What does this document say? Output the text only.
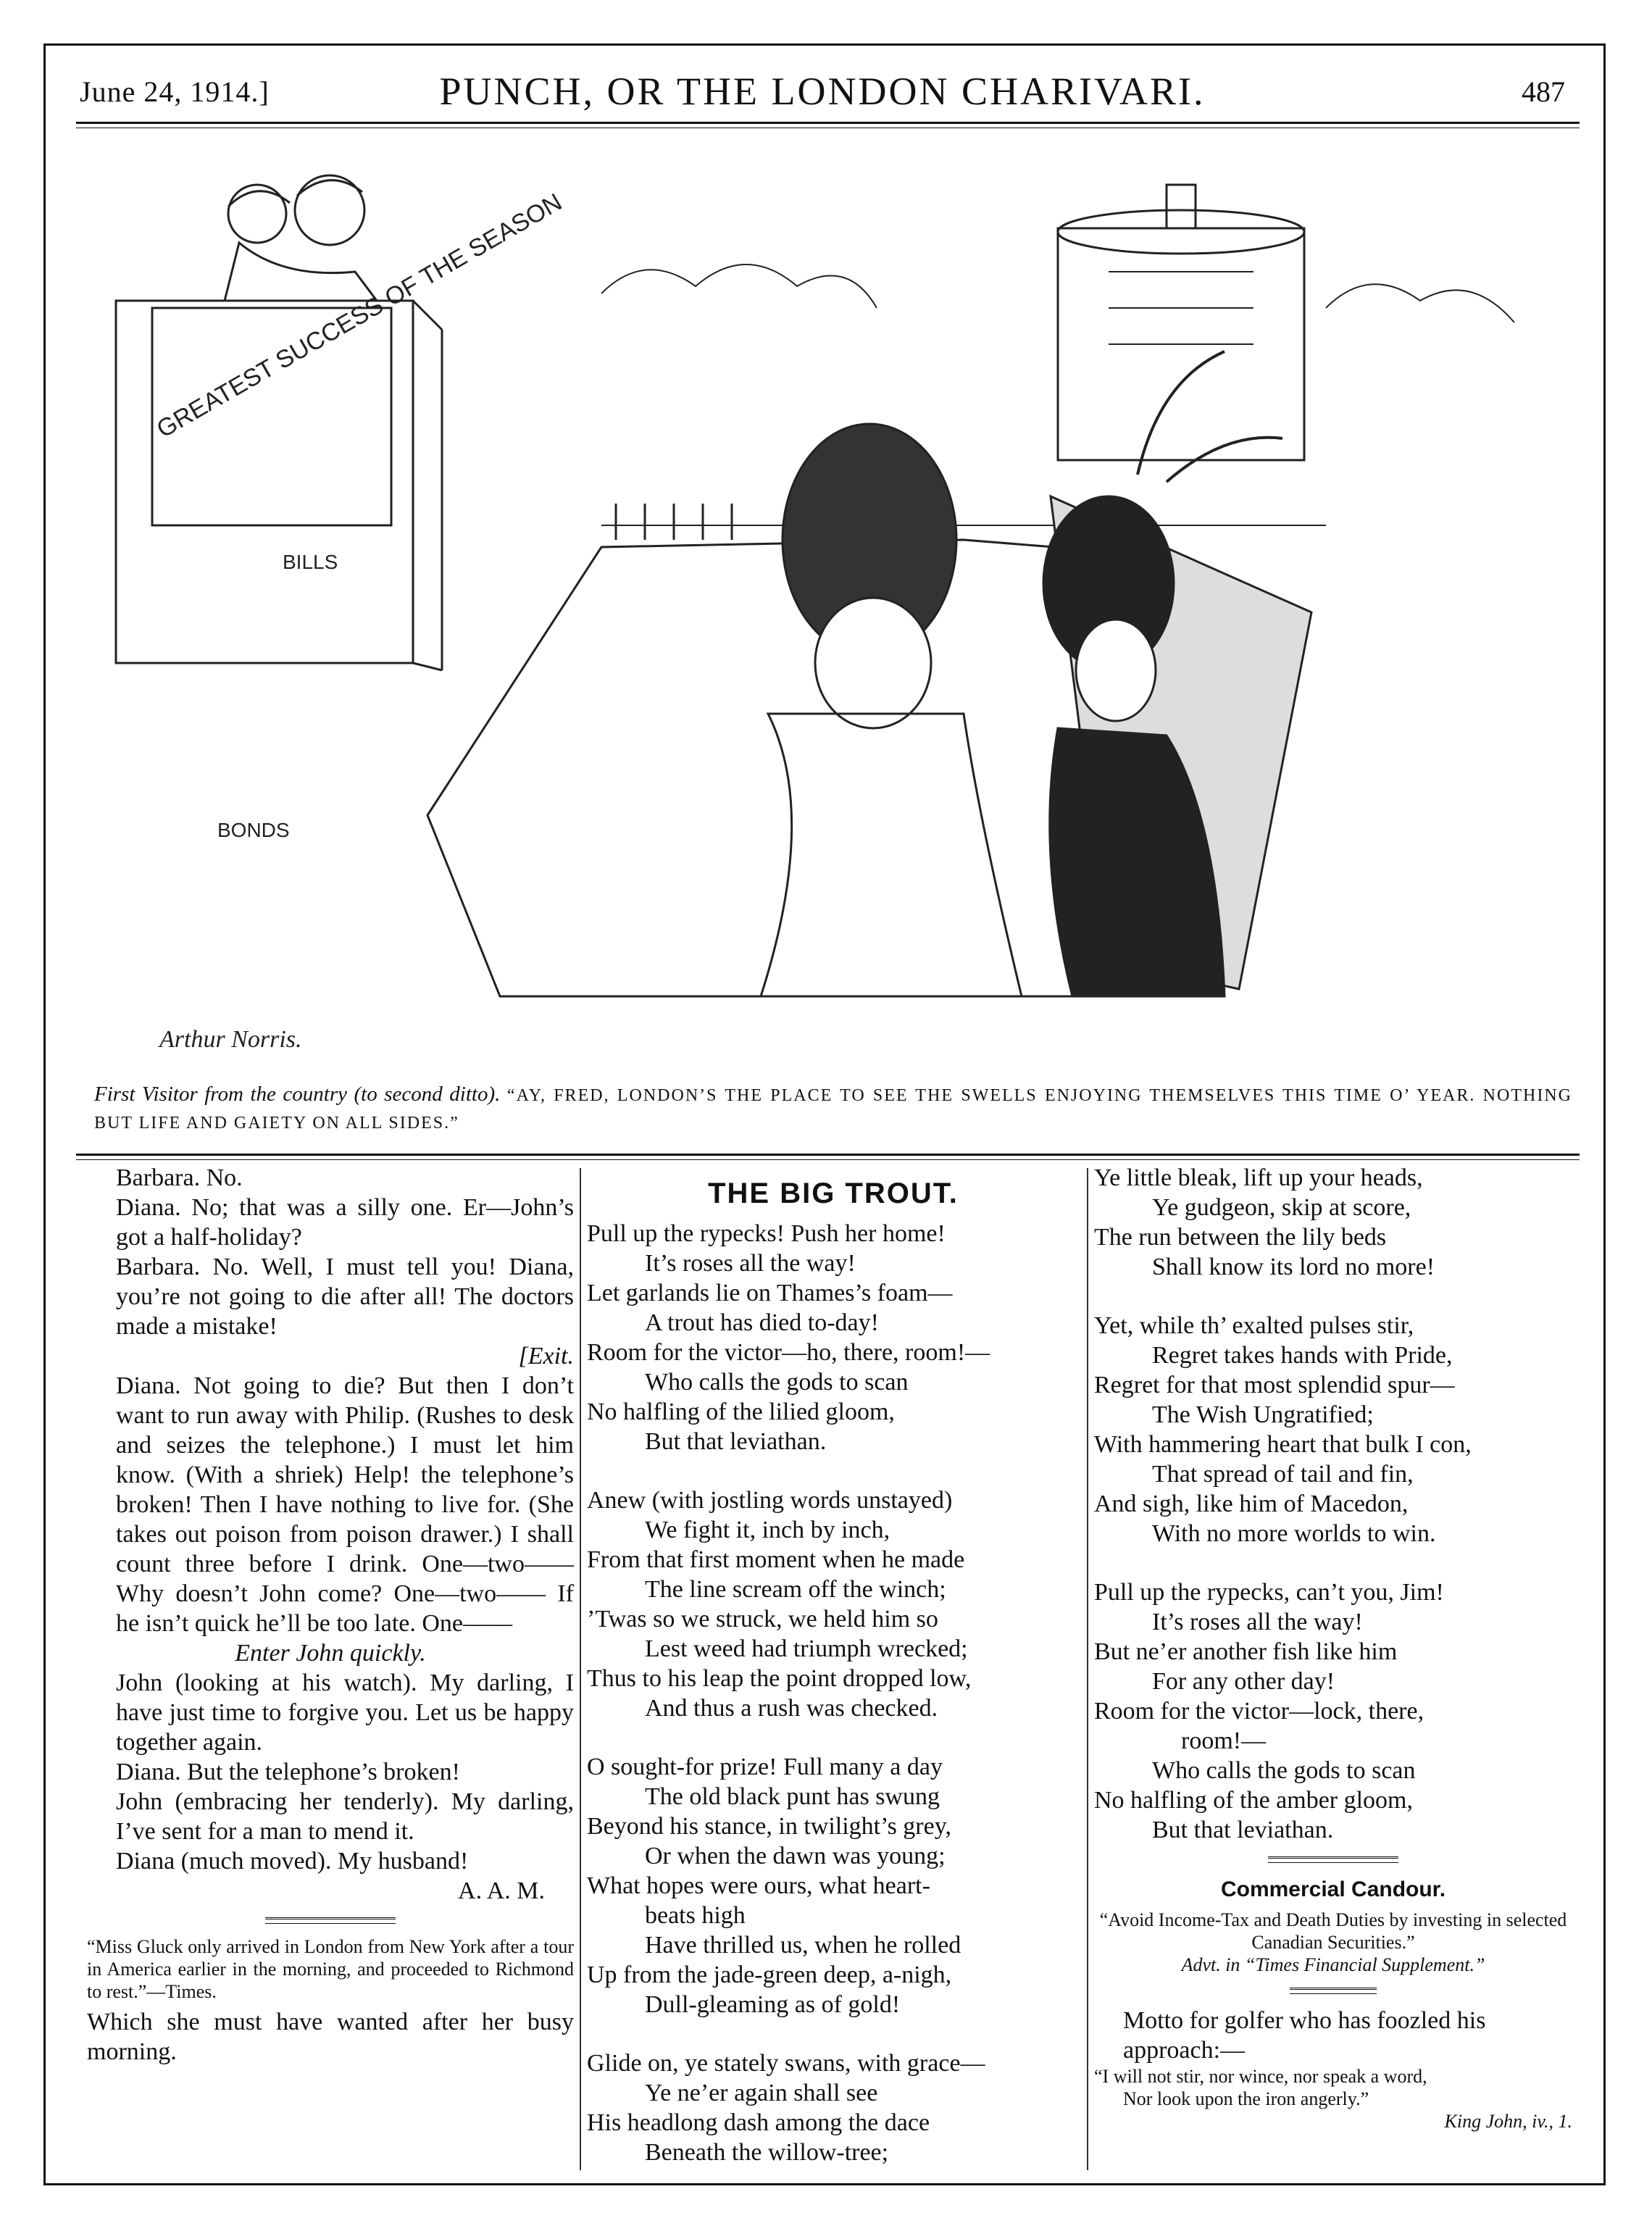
June 24, 1914.]	PUNCH, OR THE LONDON CHARIVARI.	487
GREATEST SUCCESS OF THE SEASON
BILLS
BONDS
Arthur Norris.
First Visitor from the country (to second ditto). “AY, FRED, LONDON’S THE PLACE TO SEE THE SWELLS ENJOYING THEMSELVES THIS TIME O’ YEAR. NOTHING BUT LIFE AND GAIETY ON ALL SIDES.”

Barbara. No.

Diana. No; that was a silly one. Er—John’s got a half-holiday?

Barbara. No. Well, I must tell you! Diana, you’re not going to die after all! The doctors made a mistake!

[Exit.

Diana. Not going to die? But then I don’t want to run away with Philip. (Rushes to desk and seizes the telephone.) I must let him know. (With a shriek) Help! the telephone’s broken! Then I have nothing to live for. (She takes out poison from poison drawer.) I shall count three before I drink. One—two—— Why doesn’t John come? One—two—— If he isn’t quick he’ll be too late. One——

Enter John quickly.

John (looking at his watch). My darling, I have just time to forgive you. Let us be happy together again.

Diana. But the telephone’s broken!

John (embracing her tenderly). My darling, I’ve sent for a man to mend it.

Diana (much moved). My husband!

A. A. M.

“Miss Gluck only arrived in London from New York after a tour in America earlier in the morning, and proceeded to Richmond to rest.”—Times.

Which she must have wanted after her busy morning.

THE BIG TROUT.
Pull up the rypecks! Push her home!
It’s roses all the way!
Let garlands lie on Thames’s foam—
A trout has died to-day!
Room for the victor—ho, there, room!—
Who calls the gods to scan
No halfling of the lilied gloom,
But that leviathan.
Anew (with jostling words unstayed)
We fight it, inch by inch,
From that first moment when he made
The line scream off the winch;
’Twas so we struck, we held him so
Lest weed had triumph wrecked;
Thus to his leap the point dropped low,
And thus a rush was checked.
O sought-for prize! Full many a day
The old black punt has swung
Beyond his stance, in twilight’s grey,
Or when the dawn was young;
What hopes were ours, what heart-
beats high
Have thrilled us, when he rolled
Up from the jade-green deep, a-nigh,
Dull-gleaming as of gold!
Glide on, ye stately swans, with grace—
Ye ne’er again shall see
His headlong dash among the dace
Beneath the willow-tree;
Ye little bleak, lift up your heads,
Ye gudgeon, skip at score,
The run between the lily beds
Shall know its lord no more!
Yet, while th’ exalted pulses stir,
Regret takes hands with Pride,
Regret for that most splendid spur—
The Wish Ungratified;
With hammering heart that bulk I con,
That spread of tail and fin,
And sigh, like him of Macedon,
With no more worlds to win.
Pull up the rypecks, can’t you, Jim!
It’s roses all the way!
But ne’er another fish like him
For any other day!
Room for the victor—lock, there,
room!—
Who calls the gods to scan
No halfling of the amber gloom,
But that leviathan.
Commercial Candour.

“Avoid Income-Tax and Death Duties by investing in selected Canadian Securities.”

Advt. in “Times Financial Supplement.”

Motto for golfer who has foozled his approach:—

“I will not stir, nor wince, nor speak a word,

Nor look upon the iron angerly.”

King John, iv., 1.
